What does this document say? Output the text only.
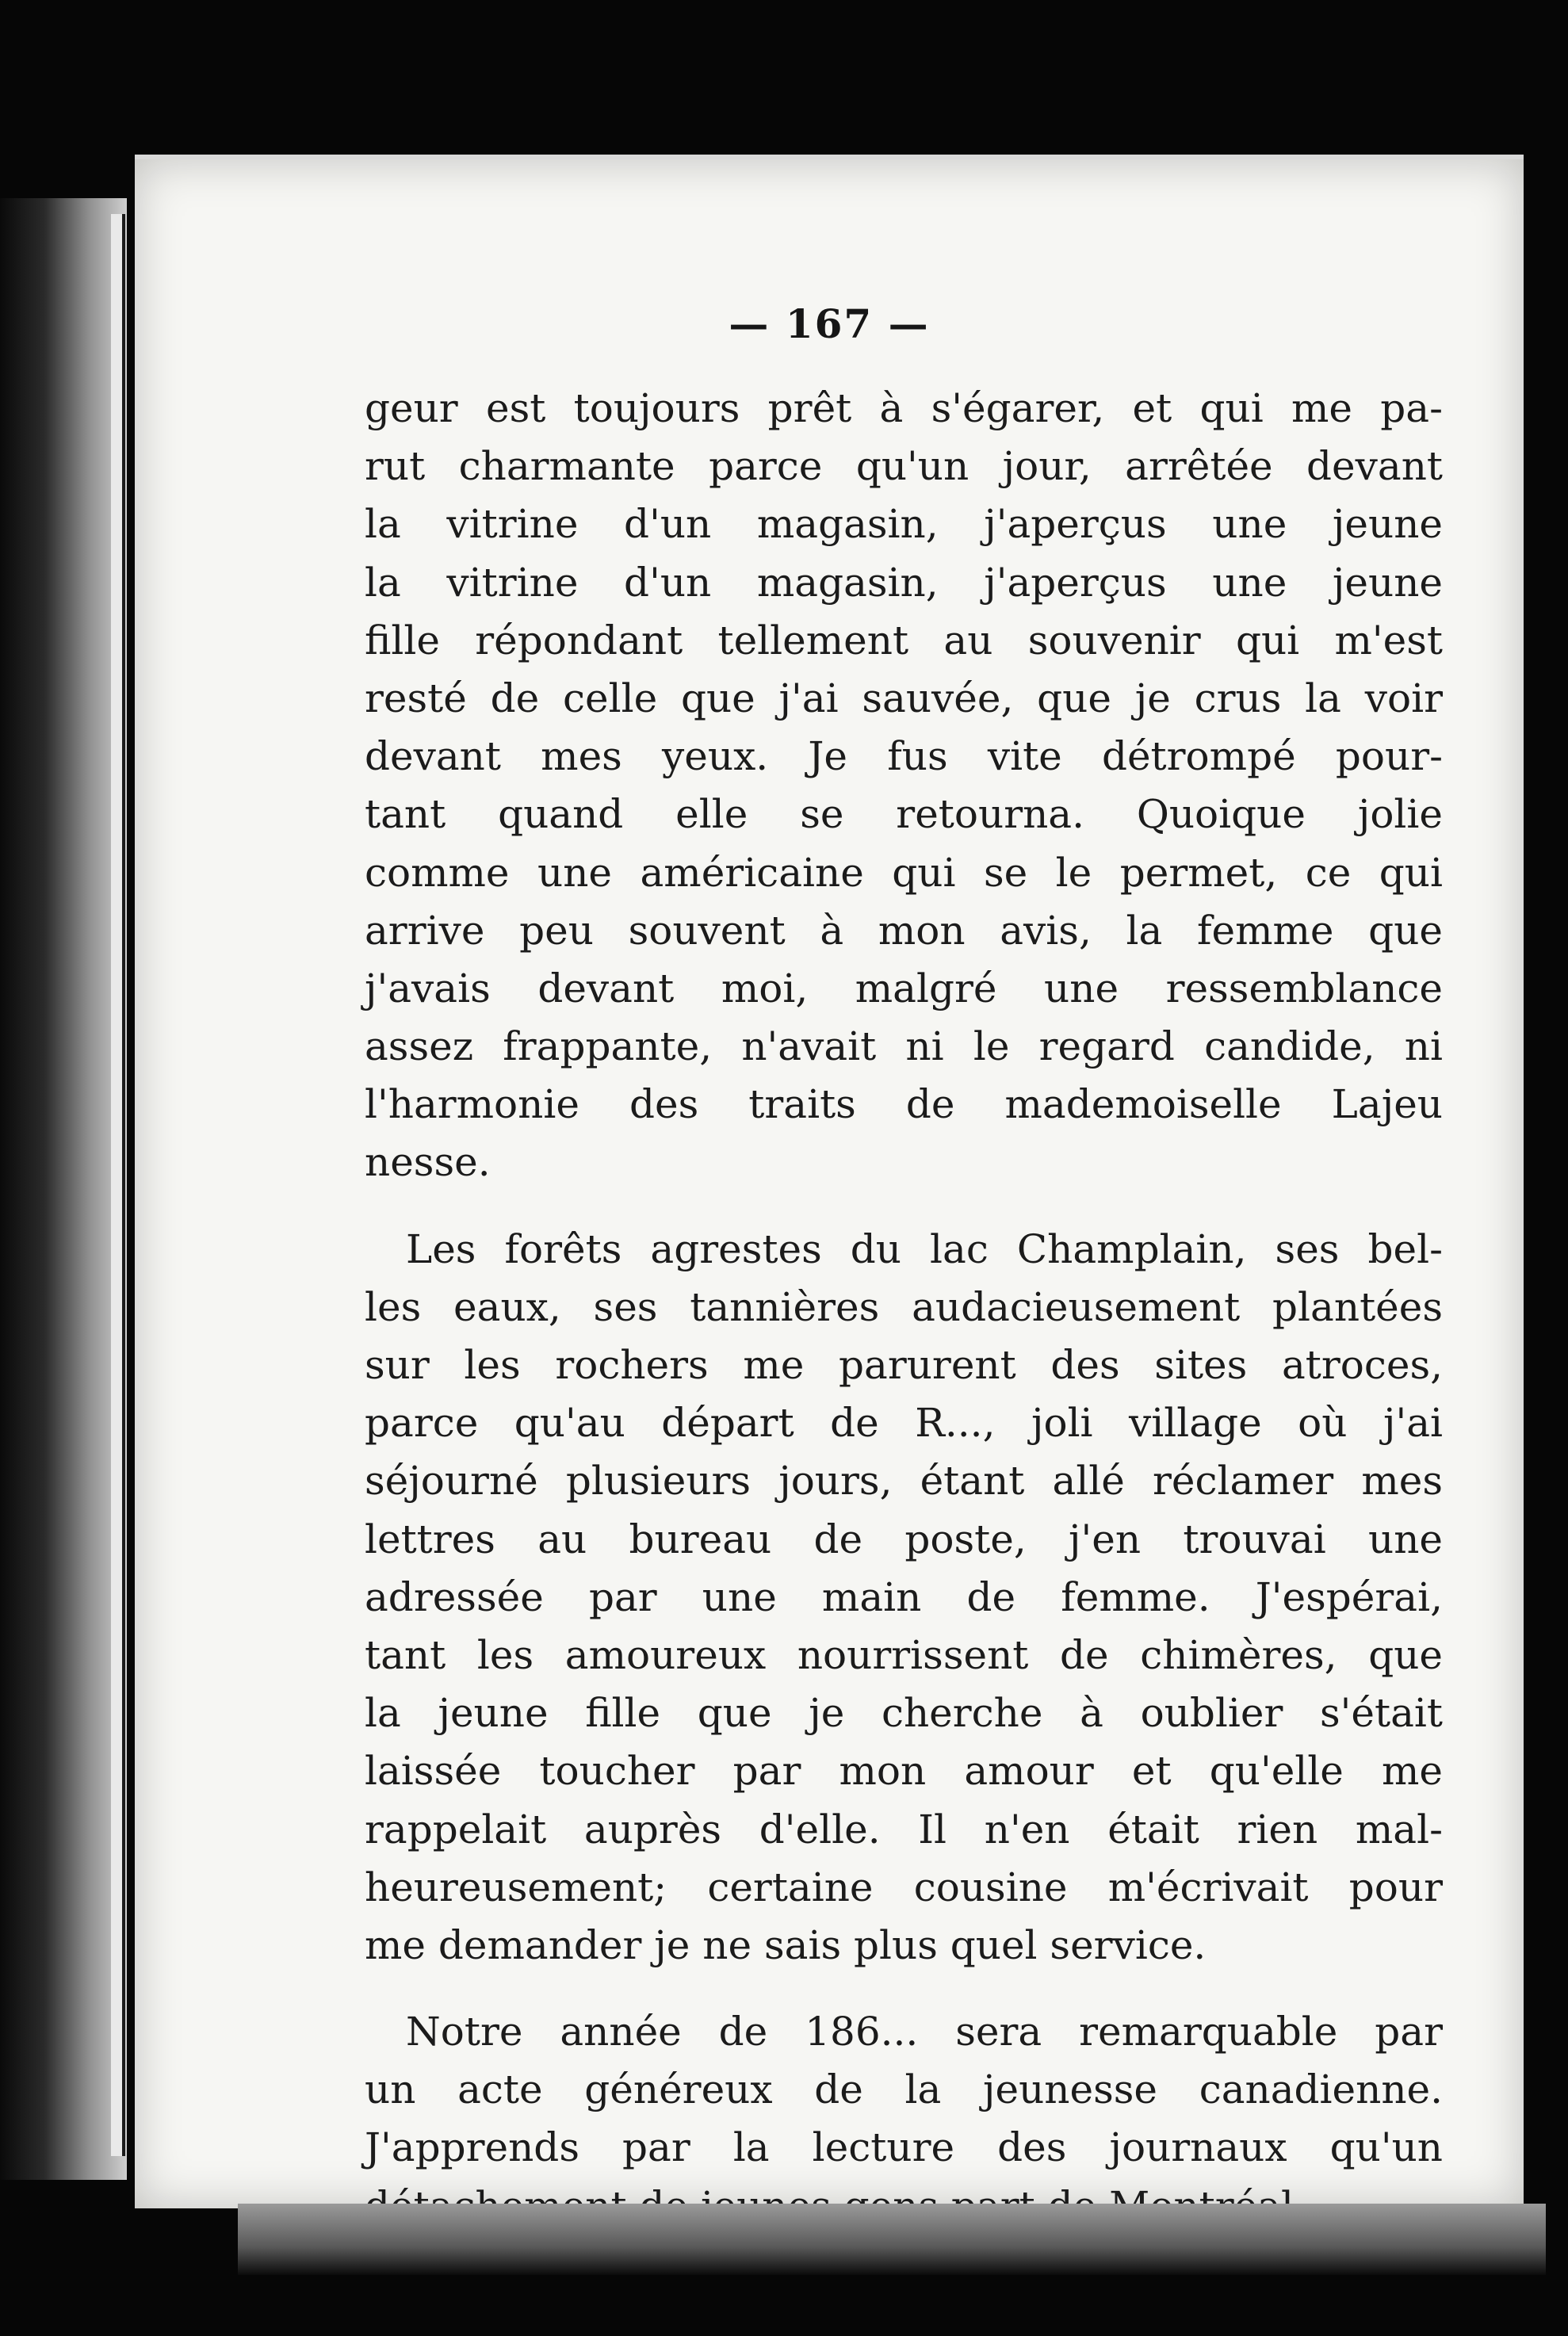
— 167 —
geur est toujours prêt à s'égarer, et qui me pa-
rut charmante parce qu'un jour, arrêtée devant
la vitrine d'un magasin, j'aperçus une jeune
la vitrine d'un magasin, j'aperçus une jeune
fille répondant tellement au souvenir qui m'est
resté de celle que j'ai sauvée, que je crus la voir
devant mes yeux. Je fus vite détrompé pour-
tant quand elle se retourna. Quoique jolie
comme une américaine qui se le permet, ce qui
arrive peu souvent à mon avis, la femme que
j'avais devant moi, malgré une ressemblance
assez frappante, n'avait ni le regard candide, ni
l'harmonie des traits de mademoiselle Lajeu
nesse.
Les forêts agrestes du lac Champlain, ses bel-
les eaux, ses tannières audacieusement plantées
sur les rochers me parurent des sites atroces,
parce qu'au départ de R..., joli village où j'ai
séjourné plusieurs jours, étant allé réclamer mes
lettres au bureau de poste, j'en trouvai une
adressée par une main de femme. J'espérai,
tant les amoureux nourrissent de chimères, que
la jeune fille que je cherche à oublier s'était
laissée toucher par mon amour et qu'elle me
rappelait auprès d'elle. Il n'en était rien mal-
heureusement; certaine cousine m'écrivait pour
me demander je ne sais plus quel service.
Notre année de 186... sera remarquable par
un acte généreux de la jeunesse canadienne.
J'apprends par la lecture des journaux qu'un
